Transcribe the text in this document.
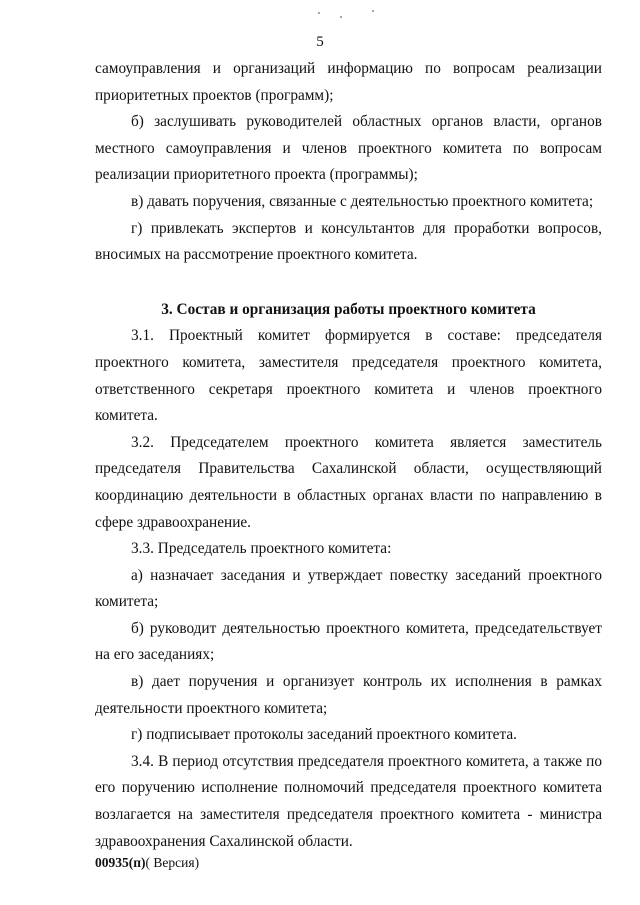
5

самоуправления и организаций информацию по вопросам реализации приоритетных проектов (программ);

б) заслушивать руководителей областных органов власти, органов местного самоуправления и членов проектного комитета по вопросам реализации приоритетного проекта (программы);

в) давать поручения, связанные с деятельностью проектного комитета;

г) привлекать экспертов и консультантов для проработки вопросов, вносимых на рассмотрение проектного комитета.

3. Состав и организация работы проектного комитета

3.1. Проектный комитет формируется в составе: председателя проектного комитета, заместителя председателя проектного комитета, ответственного секретаря проектного комитета и членов проектного комитета.

3.2. Председателем проектного комитета является заместитель председателя Правительства Сахалинской области, осуществляющий координацию деятельности в областных органах власти по направлению в сфере здравоохранение.

3.3. Председатель проектного комитета:

а) назначает заседания и утверждает повестку заседаний проектного комитета;

б) руководит деятельностью проектного комитета, председательствует на его заседаниях;

в) дает поручения и организует контроль их исполнения в рамках деятельности проектного комитета;

г) подписывает протоколы заседаний проектного комитета.

3.4. В период отсутствия председателя проектного комитета, а также по его поручению исполнение полномочий председателя проектного комитета возлагается на заместителя председателя проектного комитета - министра здравоохранения Сахалинской области.

00935(п)( Версия)
